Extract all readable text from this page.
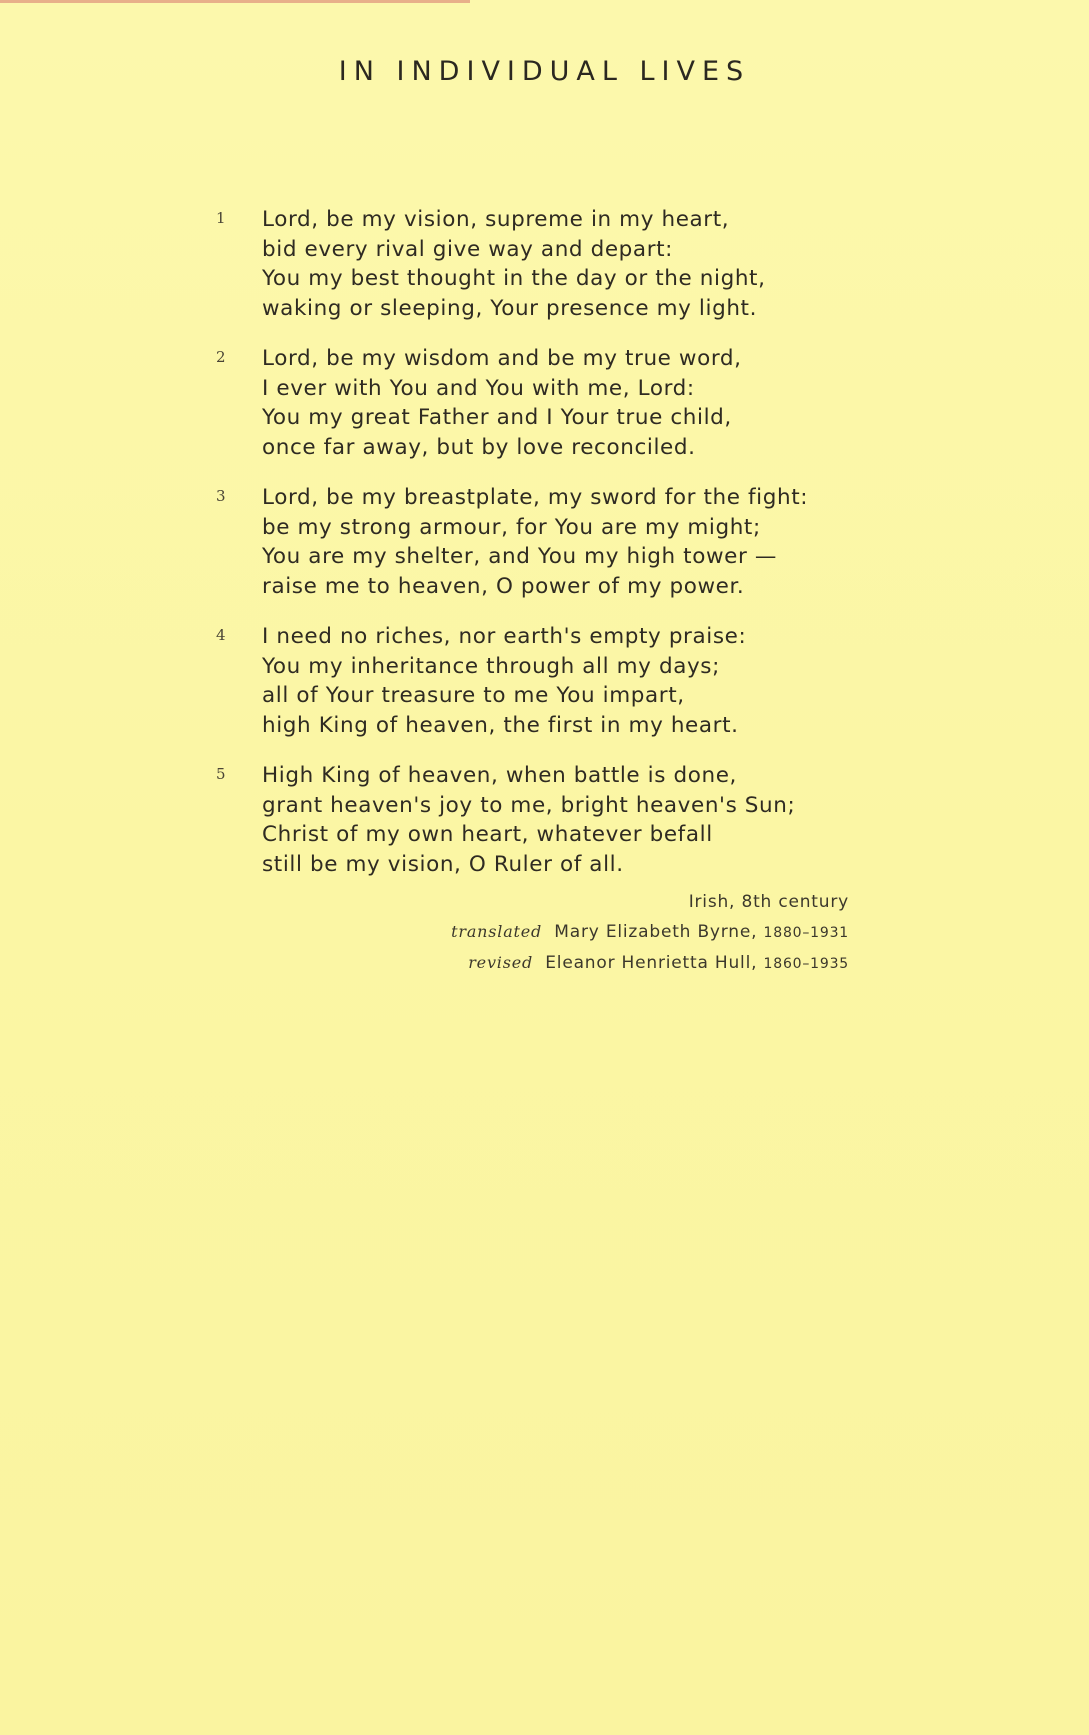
IN INDIVIDUAL LIVES
1 Lord, be my vision, supreme in my heart,
bid every rival give way and depart:
You my best thought in the day or the night,
waking or sleeping, Your presence my light.
2 Lord, be my wisdom and be my true word,
I ever with You and You with me, Lord:
You my great Father and I Your true child,
once far away, but by love reconciled.
3 Lord, be my breastplate, my sword for the fight:
be my strong armour, for You are my might;
You are my shelter, and You my high tower —
raise me to heaven, O power of my power.
4 I need no riches, nor earth's empty praise:
You my inheritance through all my days;
all of Your treasure to me You impart,
high King of heaven, the first in my heart.
5 High King of heaven, when battle is done,
grant heaven's joy to me, bright heaven's Sun;
Christ of my own heart, whatever befall
still be my vision, O Ruler of all.
Irish, 8th century
translated Mary Elizabeth Byrne, 1880–1931
revised Eleanor Henrietta Hull, 1860–1935
